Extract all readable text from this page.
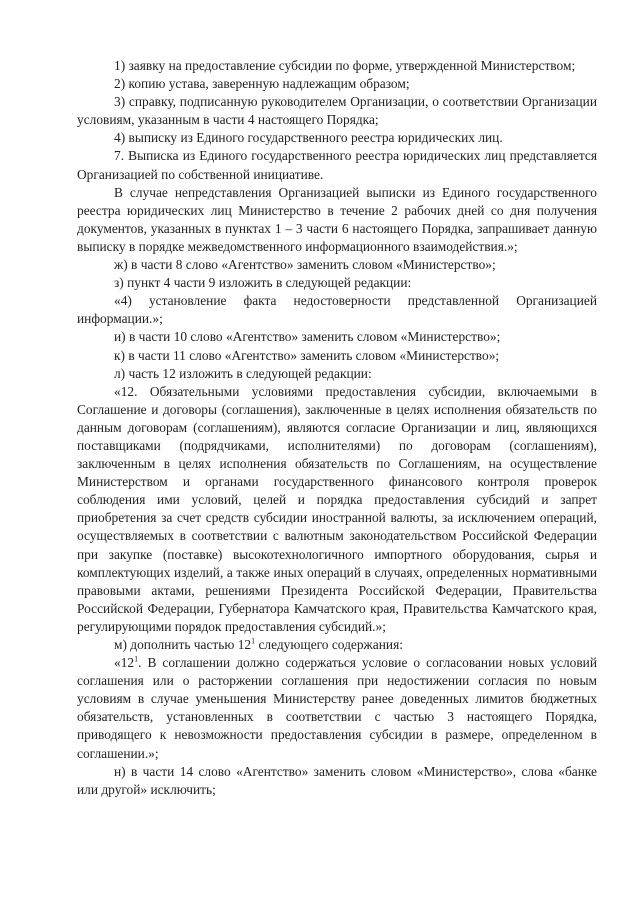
1) заявку на предоставление субсидии по форме, утвержденной Министерством;

2) копию устава, заверенную надлежащим образом;

3) справку, подписанную руководителем Организации, о соответствии Организации условиям, указанным в части 4 настоящего Порядка;

4) выписку из Единого государственного реестра юридических лиц.

7. Выписка из Единого государственного реестра юридических лиц представляется Организацией по собственной инициативе.

В случае непредставления Организацией выписки из Единого государственного реестра юридических лиц Министерство в течение 2 рабочих дней со дня получения документов, указанных в пунктах 1 – 3 части 6 настоящего Порядка, запрашивает данную выписку в порядке межведомственного информационного взаимодействия.»;

ж) в части 8 слово «Агентство» заменить словом «Министерство»;

з) пункт 4 части 9 изложить в следующей редакции:

«4) установление факта недостоверности представленной Организацией информации.»;

и) в части 10 слово «Агентство» заменить словом «Министерство»;

к) в части 11 слово «Агентство» заменить словом «Министерство»;

л) часть 12 изложить в следующей редакции:

«12. Обязательными условиями предоставления субсидии, включаемыми в Соглашение и договоры (соглашения), заключенные в целях исполнения обязательств по данным договорам (соглашениям), являются согласие Организации и лиц, являющихся поставщиками (подрядчиками, исполнителями) по договорам (соглашениям), заключенным в целях исполнения обязательств по Соглашениям, на осуществление Министерством и органами государственного финансового контроля проверок соблюдения ими условий, целей и порядка предоставления субсидий и запрет приобретения за счет средств субсидии иностранной валюты, за исключением операций, осуществляемых в соответствии с валютным законодательством Российской Федерации при закупке (поставке) высокотехнологичного импортного оборудования, сырья и комплектующих изделий, а также иных операций в случаях, определенных нормативными правовыми актами, решениями Президента Российской Федерации, Правительства Российской Федерации, Губернатора Камчатского края, Правительства Камчатского края, регулирующими порядок предоставления субсидий.»;

м) дополнить частью $12^1$ следующего содержания:

«$12^1$. В соглашении должно содержаться условие о согласовании новых условий соглашения или о расторжении соглашения при недостижении согласия по новым условиям в случае уменьшения Министерству ранее доведенных лимитов бюджетных обязательств, установленных в соответствии с частью 3 настоящего Порядка, приводящего к невозможности предоставления субсидии в размере, определенном в соглашении.»;

н) в части 14 слово «Агентство» заменить словом «Министерство», слова «банке или другой» исключить;
